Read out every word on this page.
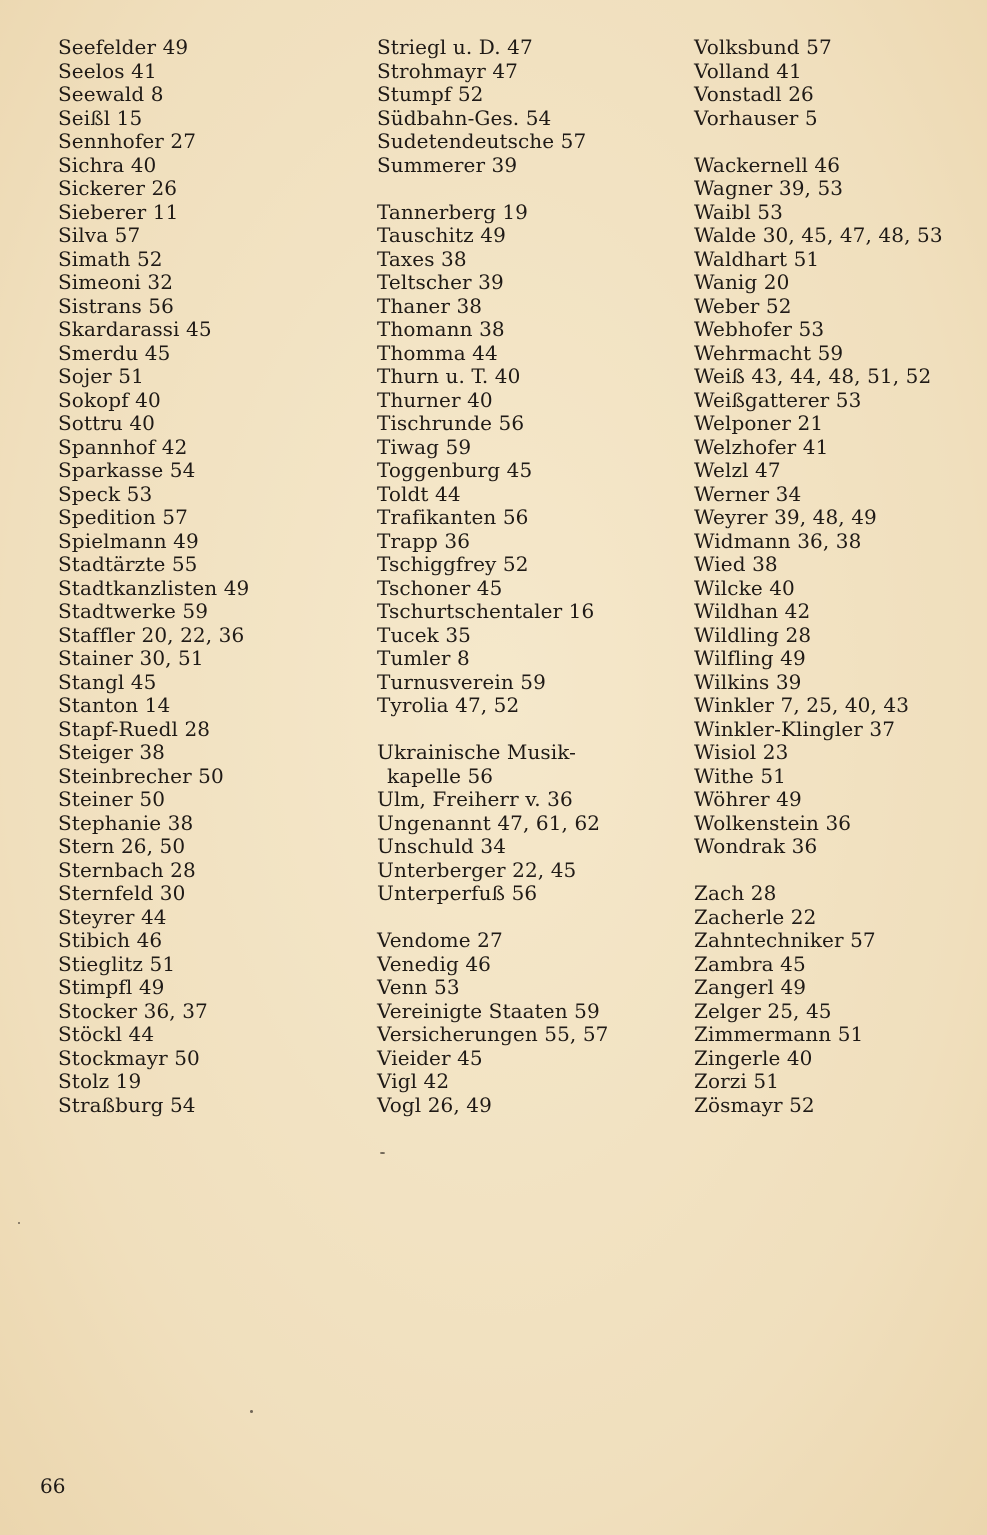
Seefelder 49
Seelos 41
Seewald 8
Seißl 15
Sennhofer 27
Sichra 40
Sickerer 26
Sieberer 11
Silva 57
Simath 52
Simeoni 32
Sistrans 56
Skardarassi 45
Smerdu 45
Sojer 51
Sokopf 40
Sottru 40
Spannhof 42
Sparkasse 54
Speck 53
Spedition 57
Spielmann 49
Stadtärzte 55
Stadtkanzlisten 49
Stadtwerke 59
Staffler 20, 22, 36
Stainer 30, 51
Stangl 45
Stanton 14
Stapf-Ruedl 28
Steiger 38
Steinbrecher 50
Steiner 50
Stephanie 38
Stern 26, 50
Sternbach 28
Sternfeld 30
Steyrer 44
Stibich 46
Stieglitz 51
Stimpfl 49
Stocker 36, 37
Stöckl 44
Stockmayr 50
Stolz 19
Straßburg 54
Striegl u. D. 47
Strohmayr 47
Stumpf 52
Südbahn-Ges. 54
Sudetendeutsche 57
Summerer 39
Tannerberg 19
Tauschitz 49
Taxes 38
Teltscher 39
Thaner 38
Thomann 38
Thomma 44
Thurn u. T. 40
Thurner 40
Tischrunde 56
Tiwag 59
Toggenburg 45
Toldt 44
Trafikanten 56
Trapp 36
Tschiggfrey 52
Tschoner 45
Tschurtschentaler 16
Tucek 35
Tumler 8
Turnusverein 59
Tyrolia 47, 52
Ukrainische Musik-
kapelle 56
Ulm, Freiherr v. 36
Ungenannt 47, 61, 62
Unschuld 34
Unterberger 22, 45
Unterperfuß 56
Vendome 27
Venedig 46
Venn 53
Vereinigte Staaten 59
Versicherungen 55, 57
Vieider 45
Vigl 42
Vogl 26, 49
Volksbund 57
Volland 41
Vonstadl 26
Vorhauser 5
Wackernell 46
Wagner 39, 53
Waibl 53
Walde 30, 45, 47, 48, 53
Waldhart 51
Wanig 20
Weber 52
Webhofer 53
Wehrmacht 59
Weiß 43, 44, 48, 51, 52
Weißgatterer 53
Welponer 21
Welzhofer 41
Welzl 47
Werner 34
Weyrer 39, 48, 49
Widmann 36, 38
Wied 38
Wilcke 40
Wildhan 42
Wildling 28
Wilfling 49
Wilkins 39
Winkler 7, 25, 40, 43
Winkler-Klingler 37
Wisiol 23
Withe 51
Wöhrer 49
Wolkenstein 36
Wondrak 36
Zach 28
Zacherle 22
Zahntechniker 57
Zambra 45
Zangerl 49
Zelger 25, 45
Zimmermann 51
Zingerle 40
Zorzi 51
Zösmayr 52
66
